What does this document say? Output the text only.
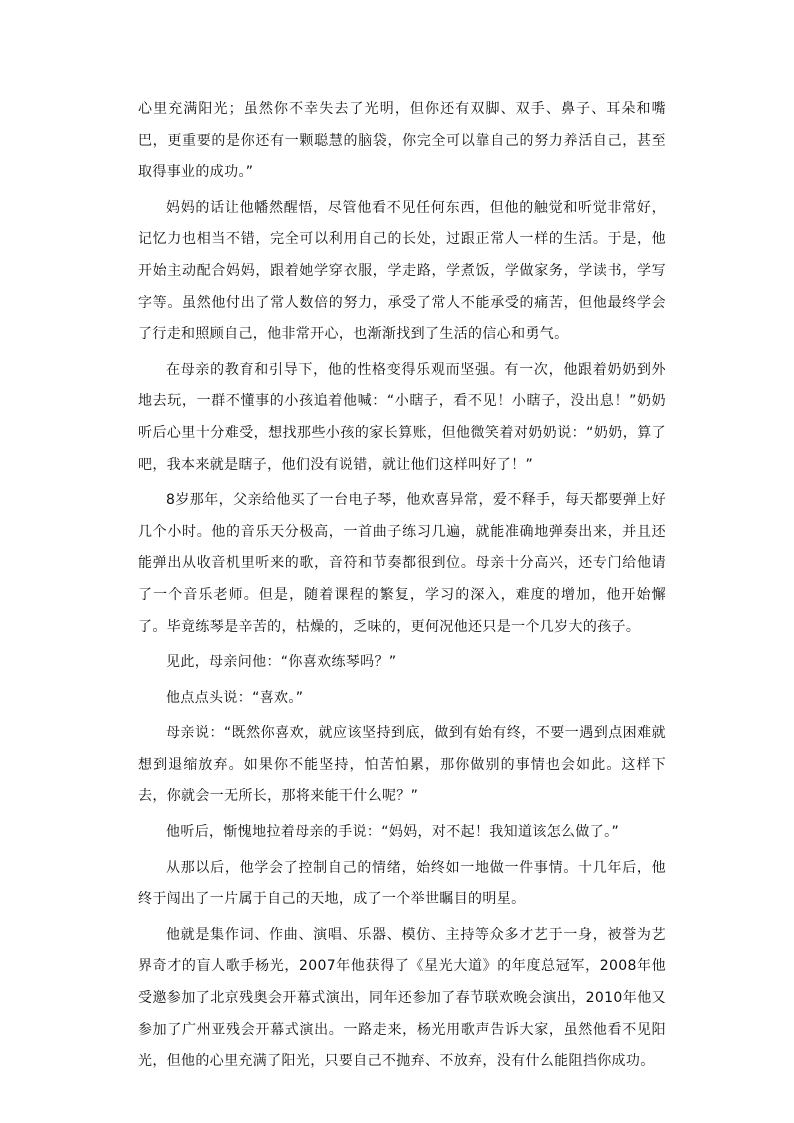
心里充满阳光；虽然你不幸失去了光明，但你还有双脚、双手、鼻子、耳朵和嘴巴，更重要的是你还有一颗聪慧的脑袋，你完全可以靠自己的努力养活自己，甚至取得事业的成功。”

妈妈的话让他幡然醒悟，尽管他看不见任何东西，但他的触觉和听觉非常好，记忆力也相当不错，完全可以利用自己的长处，过跟正常人一样的生活。于是，他开始主动配合妈妈，跟着她学穿衣服，学走路，学煮饭，学做家务，学读书，学写字等。虽然他付出了常人数倍的努力，承受了常人不能承受的痛苦，但他最终学会了行走和照顾自己，他非常开心，也渐渐找到了生活的信心和勇气。

在母亲的教育和引导下，他的性格变得乐观而坚强。有一次，他跟着奶奶到外地去玩，一群不懂事的小孩追着他喊：“小瞎子，看不见！小瞎子，没出息！”奶奶听后心里十分难受，想找那些小孩的家长算账，但他微笑着对奶奶说：“奶奶，算了吧，我本来就是瞎子，他们没有说错，就让他们这样叫好了！”

8岁那年，父亲给他买了一台电子琴，他欢喜异常，爱不释手，每天都要弹上好几个小时。他的音乐天分极高，一首曲子练习几遍，就能准确地弹奏出来，并且还能弹出从收音机里听来的歌，音符和节奏都很到位。母亲十分高兴，还专门给他请了一个音乐老师。但是，随着课程的繁复，学习的深入，难度的增加，他开始懈了。毕竟练琴是辛苦的，枯燥的，乏味的，更何况他还只是一个几岁大的孩子。

见此，母亲问他：“你喜欢练琴吗？”

他点点头说：“喜欢。”

母亲说：“既然你喜欢，就应该坚持到底，做到有始有终，不要一遇到点困难就想到退缩放弃。如果你不能坚持，怕苦怕累，那你做别的事情也会如此。这样下去，你就会一无所长，那将来能干什么呢？”

他听后，惭愧地拉着母亲的手说：“妈妈，对不起！我知道该怎么做了。”

从那以后，他学会了控制自己的情绪，始终如一地做一件事情。十几年后，他终于闯出了一片属于自己的天地，成了一个举世瞩目的明星。

他就是集作词、作曲、演唱、乐器、模仿、主持等众多才艺于一身，被誉为艺界奇才的盲人歌手杨光，2007年他获得了《星光大道》的年度总冠军，2008年他受邀参加了北京残奥会开幕式演出，同年还参加了春节联欢晚会演出，2010年他又参加了广州亚残会开幕式演出。一路走来，杨光用歌声告诉大家，虽然他看不见阳光，但他的心里充满了阳光，只要自己不抛弃、不放弃，没有什么能阻挡你成功。
